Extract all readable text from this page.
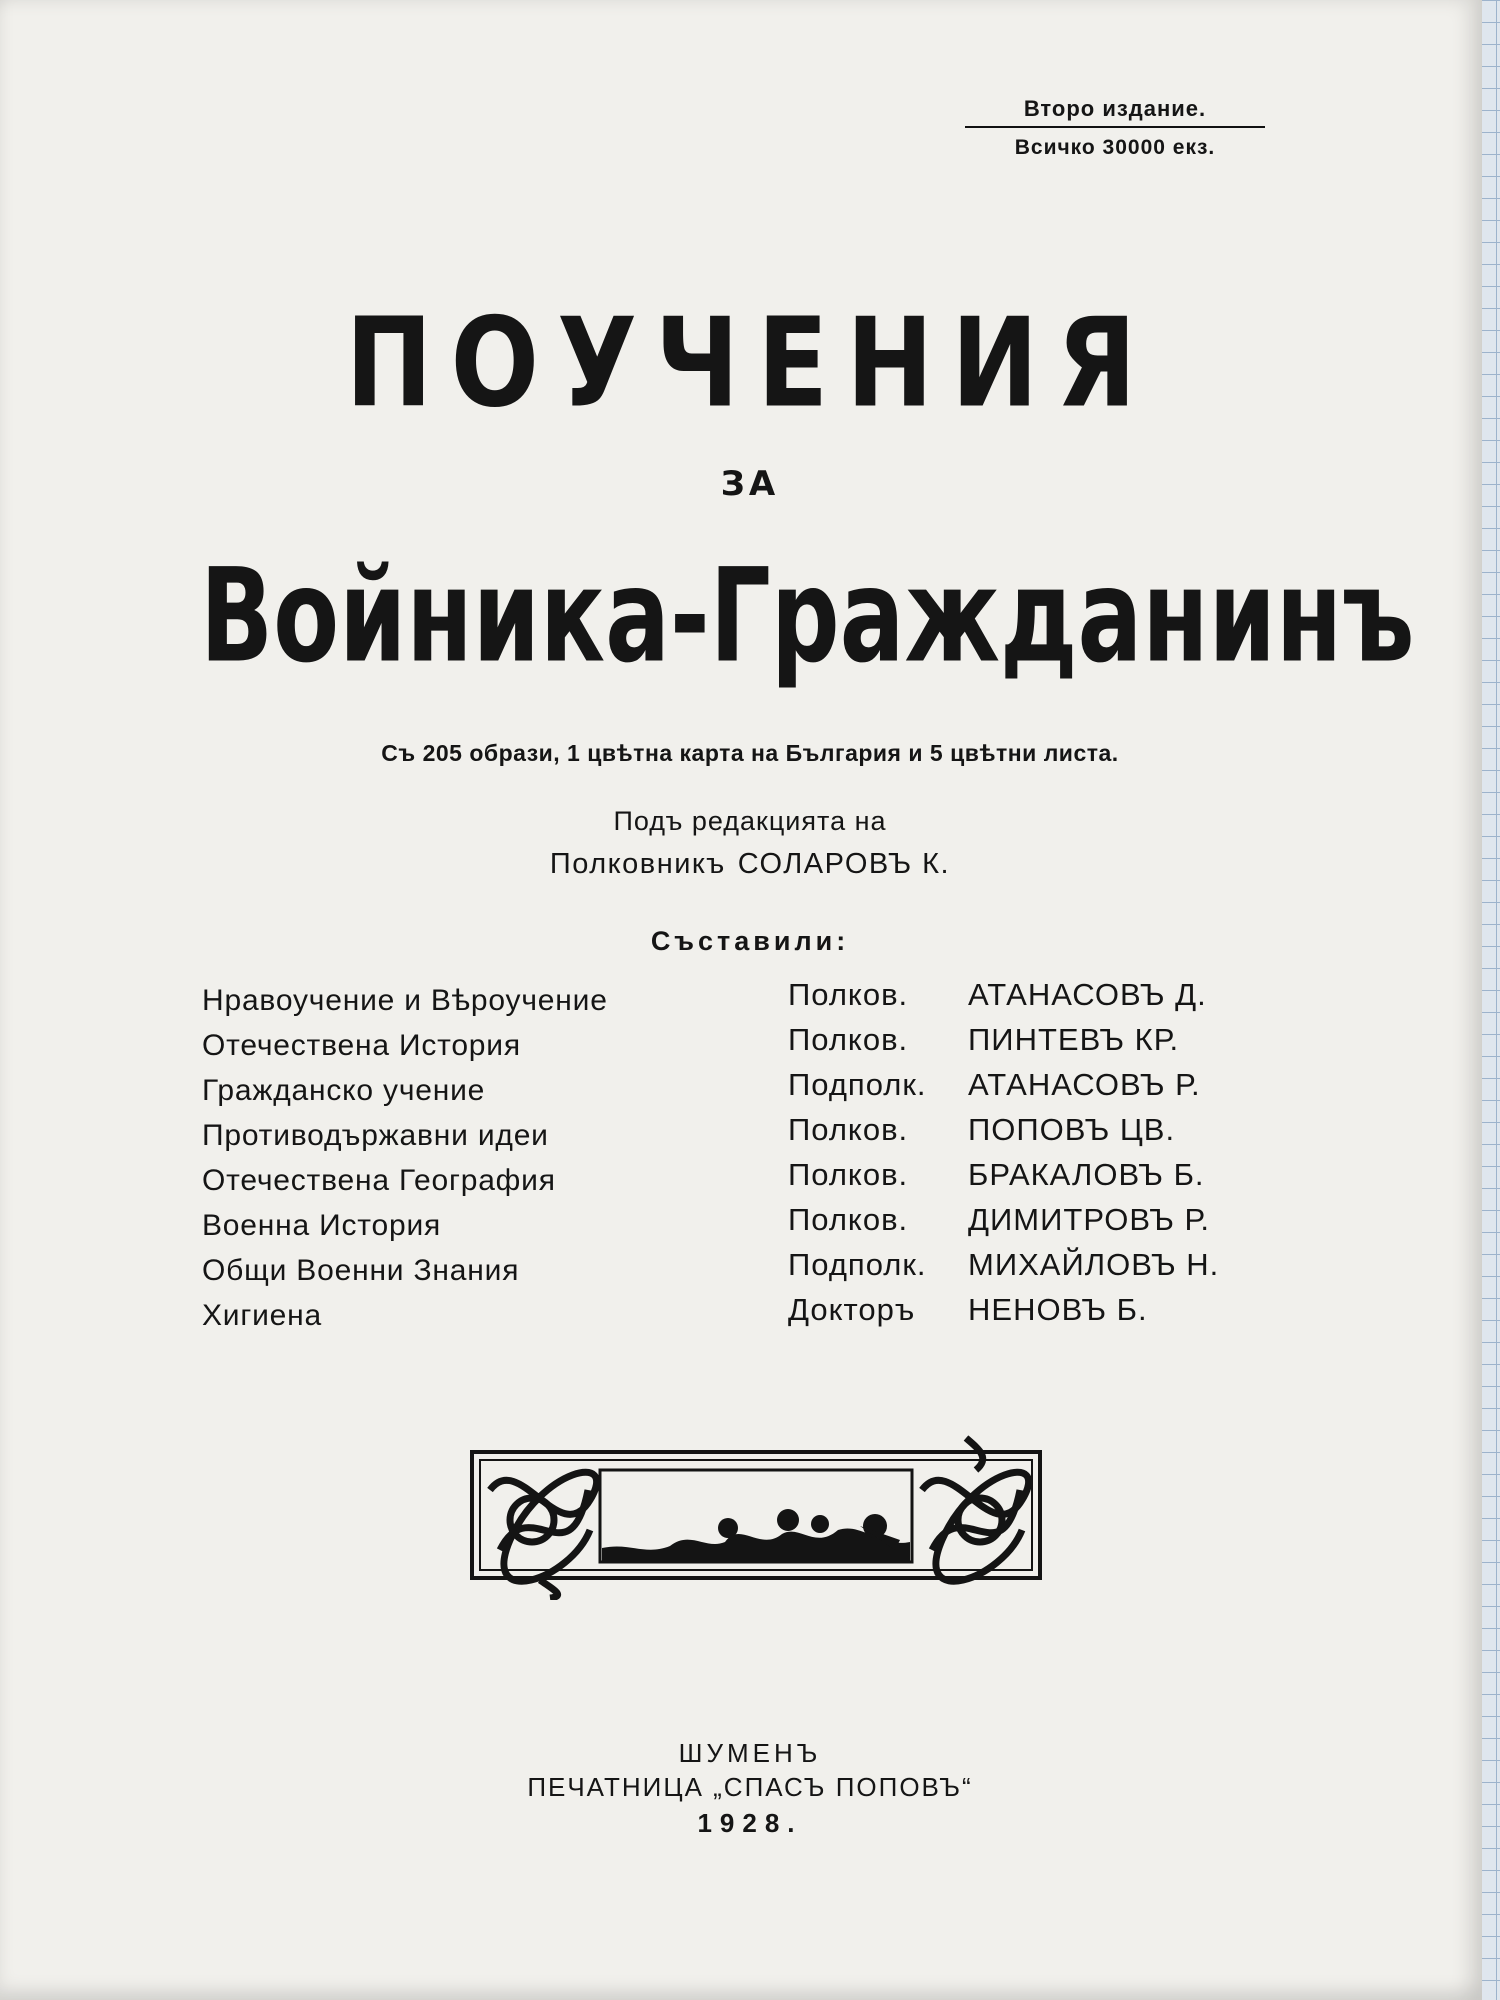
Второ издание.
Всичко 30000 екз.
ПОУЧЕНИЯ
ЗА
Войника-Гражданинъ
Съ 205 образи, 1 цвѣтна карта на България и 5 цвѣтни листа.
Подъ редакцията на
Полковникъ СОЛАРОВЪ К.
Съставили:
Нравоучение и Вѣроучение
Отечествена История
Гражданско учение
Противодържавни идеи
Отечествена География
Военна История
Общи Военни Знания
Хигиена
Полков. АТАНАСОВЪ Д.
Полков. ПИНТЕВЪ КР.
Подполк. АТАНАСОВЪ Р.
Полков. ПОПОВЪ ЦВ.
Полков. БРАКАЛОВЪ Б.
Полков. ДИМИТРОВЪ Р.
Подполк. МИХАЙЛОВЪ Н.
Докторъ НЕНОВЪ Б.
ШУМЕНЪ
ПЕЧАТНИЦА „СПАСЪ ПОПОВЪ“
1928.
